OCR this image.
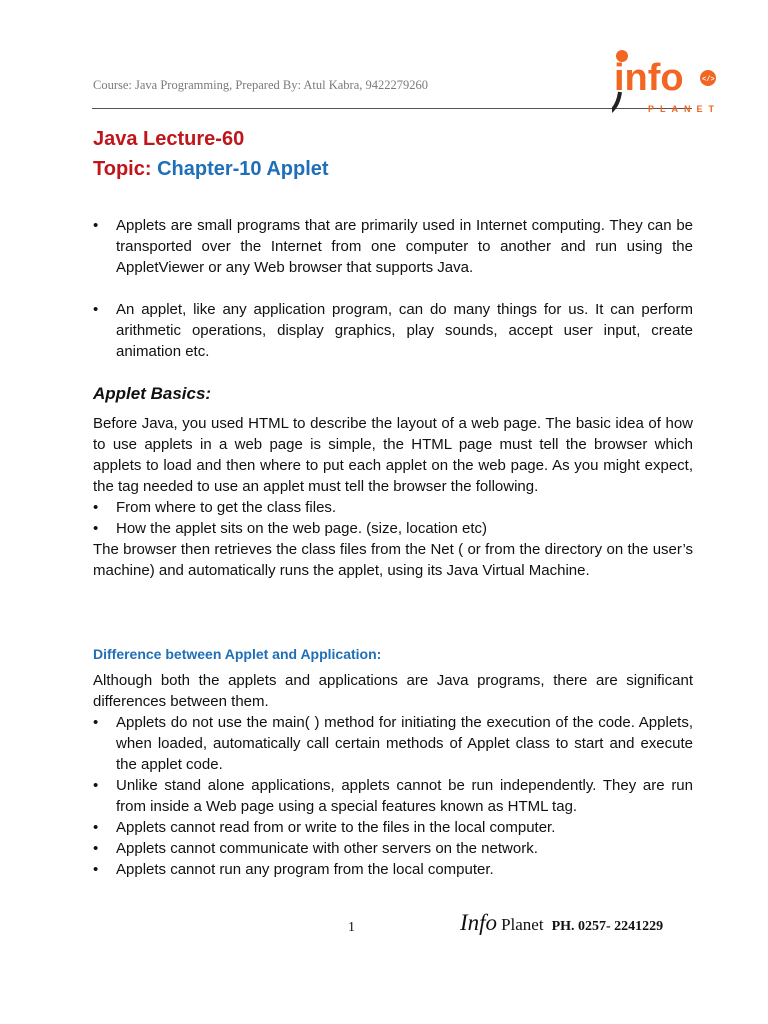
Course: Java Programming, Prepared By: Atul Kabra, 9422279260	info
PLANET
</>
Java Lecture-60
Topic: Chapter-10 Applet
• Applets are small programs that are primarily used in Internet computing. They can be transported over the Internet from one computer to another and run using the AppletViewer or any Web browser that supports Java.
• An applet, like any application program, can do many things for us. It can perform arithmetic operations, display graphics, play sounds, accept user input, create animation etc.
Applet Basics:
Before Java, you used HTML to describe the layout of a web page. The basic idea of how to use applets in a web page is simple, the HTML page must tell the browser which applets to load and then where to put each applet on the web page. As you might expect, the tag needed to use an applet must tell the browser the following.
• From where to get the class files.
• How the applet sits on the web page. (size, location etc)
The browser then retrieves the class files from the Net ( or from the directory on the user’s machine) and automatically runs the applet, using its Java Virtual Machine.
Difference between Applet and Application:
Although both the applets and applications are Java programs, there are significant differences between them.
• Applets do not use the main( ) method for initiating the execution of the code. Applets, when loaded, automatically call certain methods of Applet class to start and execute the applet code.
• Unlike stand alone applications, applets cannot be run independently. They are run from inside a Web page using a special features known as HTML tag.
• Applets cannot read from or write to the files in the local computer.
• Applets cannot communicate with other servers on the network.
• Applets cannot run any program from the local computer.
1	Info Planet PH. 0257- 2241229
